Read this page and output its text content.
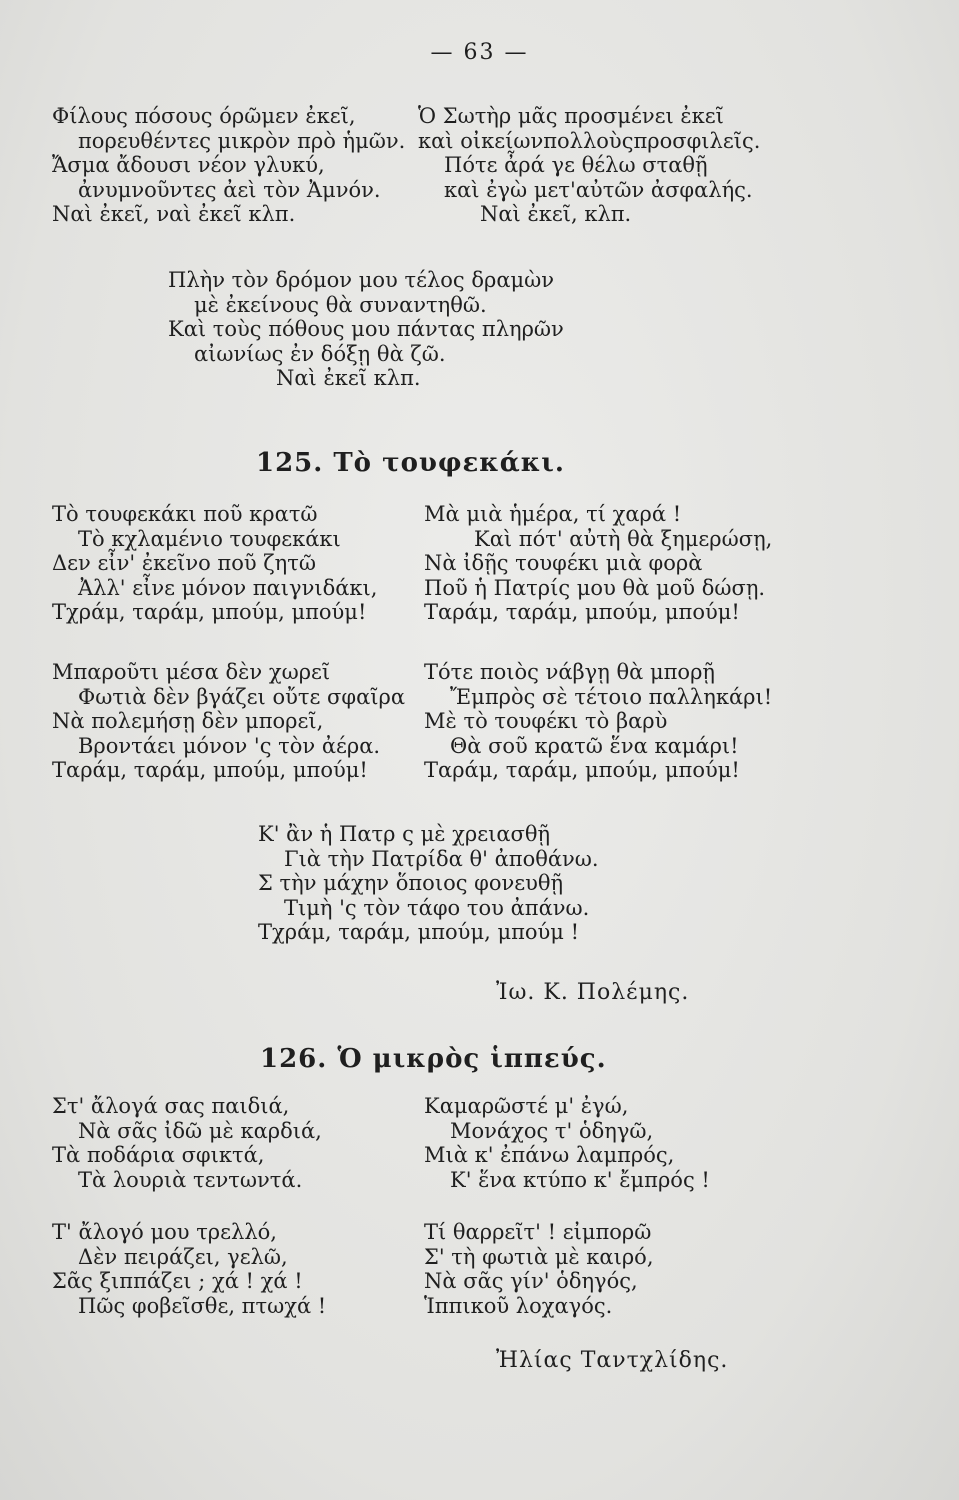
— 63 —
Φίλους πόσους όρῶμεν ἐκεῖ,
πορευθέντες μικρὸν πρὸ ἡμῶν.
Ἄσμα ἄδουσι νέον γλυκύ,
ἀνυμνοῦντες ἀεὶ τὸν Ἀμνόν.
Ναὶ ἐκεῖ, ναὶ ἐκεῖ κλπ.
Ὁ Σωτὴρ μᾶς προσμένει ἐκεῖ
καὶ οἰκείωνπολλοὺςπροσφιλεῖς.
Πότε ἆρά γε θέλω σταθῇ
καὶ ἐγὼ μετ'αὐτῶν ἀσφαλής.
Ναὶ ἐκεῖ, κλπ.
Πλὴν τὸν δρόμον μου τέλος δραμὼν
μὲ ἐκείνους θὰ συναντηθῶ.
Καὶ τοὺς πόθους μου πάντας πληρῶν
αἰωνίως ἐν δόξῃ θὰ ζῶ.
Ναὶ ἐκεῖ κλπ.
125. Τὸ τουφεκάκι.
Τὸ τουφεκάκι ποῦ κρατῶ
Τὸ κχλαμένιο τουφεκάκι
Δεν εἶν' ἐκεῖνο ποῦ ζητῶ
Ἀλλ' εἶνε μόνον παιγνιδάκι,
Τχράμ, ταράμ, μπούμ, μπούμ!
Μπαροῦτι μέσα δὲν χωρεῖ
Φωτιὰ δὲν βγάζει οὔτε σφαῖρα
Νὰ πολεμήσῃ δὲν μπορεῖ,
Βροντάει μόνον 'ς τὸν ἀέρα.
Ταράμ, ταράμ, μπούμ, μπούμ!
Μὰ μιὰ ἡμέρα, τί χαρά !
Καὶ πότ' αὐτὴ θὰ ξημερώσῃ,
Νὰ ἰδῇς τουφέκι μιὰ φορὰ
Ποῦ ἡ Πατρίς μου θὰ μοῦ δώσῃ.
Ταράμ, ταράμ, μπούμ, μπούμ!
Τότε ποιὸς νάβγῃ θὰ μπορῇ
Ἔμπρὸς σὲ τέτοιο παλληκάρι!
Μὲ τὸ τουφέκι τὸ βαρὺ
Θὰ σοῦ κρατῶ ἕνα καμάρι!
Ταράμ, ταράμ, μπούμ, μπούμ!
Κ' ἂν ἡ Πατρ ς μὲ χρειασθῇ
Γιὰ τὴν Πατρίδα θ' ἀποθάνω.
Σ τὴν μάχην ὅποιος φονευθῇ
Τιμὴ 'ς τὸν τάφο του ἀπάνω.
Τχράμ, ταράμ, μπούμ, μπούμ !
Ἰω. Κ. Πολέμης.
126. Ὁ μικρὸς ἱππεύς.
Στ' ἄλογά σας παιδιά,
Νὰ σᾶς ἰδῶ μὲ καρδιά,
Τὰ ποδάρια σφικτά,
Τὰ λουριὰ τεντωντά.
Τ' ἄλογό μου τρελλό,
Δὲν πειράζει, γελῶ,
Σᾶς ξιππάζει ; χά ! χά !
Πῶς φοβεῖσθε, πτωχά !
Καμαρῶστέ μ' ἐγώ,
Μονάχος τ' ὁδηγῶ,
Μιὰ κ' ἐπάνω λαμπρός,
Κ' ἕνα κτύπο κ' ἔμπρός !
Τί θαρρεῖτ' ! εἰμπορῶ
Σ' τὴ φωτιὰ μὲ καιρό,
Νὰ σᾶς γίν' ὁδηγός,
Ἱππικοῦ λοχαγός.
Ἠλίας Ταντχλίδης.
